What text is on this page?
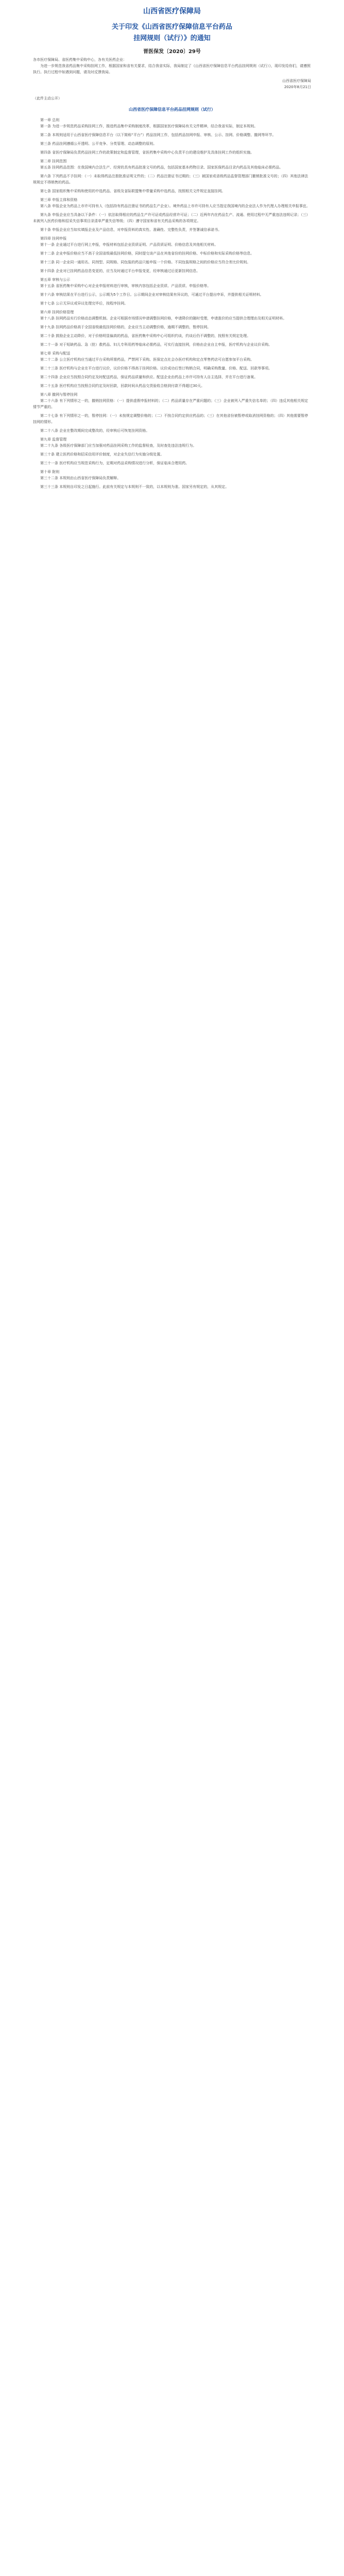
山西省医疗保障局
关于印发《山西省医疗保障信息平台药品
挂网规则（试行）》的通知
晋医保发〔2020〕29号
各市医疗保障局、省医药集中采购中心，各有关医药企业：

为进一步规范我省药品集中采购挂网工作，根据国家和省有关要求，结合我省实际，我局制定了《山西省医疗保障信息平台药品挂网规则（试行）》，现印发给你们，请遵照执行。执行过程中如遇到问题，请及时反馈我局。

山西省医疗保障局
2020年8月21日
（此件主动公开）
山西省医疗保障信息平台药品挂网规则（试行）

第一章 总则

第一条 为进一步规范药品采购挂网工作，推进药品集中采购制度改革，根据国家医疗保障局有关文件精神，结合我省实际，制定本规则。

第二条 本规则适用于山西省医疗保障信息平台（以下简称“平台”）药品挂网工作，包括药品挂网申报、审核、公示、挂网、价格调整、撤网等环节。

第三条 药品挂网遵循公开透明、公平竞争、分类管理、动态调整的原则。

第四条 省医疗保障局负责药品挂网工作的政策制定和监督管理，省医药集中采购中心负责平台的建设维护及具体挂网工作的组织实施。

第二章 挂网范围

第五条 挂网药品范围：在我国境内合法生产、经营的具有药品批准文号的药品，包括国家基本药物目录、国家医保药品目录内药品及其他临床必需药品。

第六条 下列药品不予挂网：（一）未取得药品注册批准证明文件的；（二）药品注册证书过期的；（三）被国家或省级药品监督管理部门撤销批准文号的；（四）其他法律法规规定不得销售的药品。

第七条 国家组织集中采购和使用的中选药品、省级及省际联盟集中带量采购中选药品，按照相关文件规定直接挂网。

第三章 申报主体和资格

第八条 申报企业为药品上市许可持有人（包括持有药品注册证书的药品生产企业）。境外药品上市许可持有人应当指定我国境内的企业法人作为代理人办理相关申报事宜。

第九条 申报企业应当具备以下条件：（一）依法取得相应的药品生产许可证或药品经营许可证；（二）近两年内在药品生产、流通、使用过程中无严重违法违规记录；（三）未被列入医药价格和招采失信事项目录清单严重失信等级；（四）遵守国家和省有关药品采购的各项规定。

第十条 申报企业应当如实填报企业及产品信息，对申报资料的真实性、准确性、完整性负责，并签署诚信承诺书。

第四章 挂网申报

第十一条 企业通过平台进行网上申报，申报材料包括企业资质证明、产品资质证明、价格信息及其他相关材料。

第十二条 企业申报价格应当不高于全国省级最低挂网价格，同时提交该产品在其他省份的挂网价格、中标价格和实际采购价格等信息。

第十三条 同一企业同一通用名、同剂型、同规格、同包装的药品只能申报一个价格。不同包装规格之间的价格应当符合差比价规则。

第十四条 企业对已挂网药品信息变更的，应当及时通过平台申报变更，经审核通过后更新挂网信息。

第五章 审核与公示

第十五条 省医药集中采购中心对企业申报材料进行审核，审核内容包括企业资质、产品资质、申报价格等。

第十六条 审核结果在平台进行公示，公示期为5个工作日。公示期间企业对审核结果有异议的，可通过平台提出申诉，并提供相关证明材料。

第十七条 公示无异议或异议处理完毕后，按程序挂网。

第六章 挂网价格管理

第十八条 挂网药品实行价格动态调整机制。企业可根据市场情况申请调整挂网价格，申请降价的随时受理，申请涨价的应当提供合理理由及相关证明材料。

第十九条 挂网药品价格高于全国省级最低挂网价格的，企业应当主动调整价格，逾期不调整的，暂停挂网。

第二十条 鼓励企业主动降价，对于价格明显偏高的药品，省医药集中采购中心可组织约谈，约谈后仍不调整的，按照有关规定处理。

第二十一条 对于短缺药品、急（抢）救药品、妇儿专科用药等临床必需药品，可实行直接挂网，价格由企业自主申报，医疗机构与企业议价采购。

第七章 采购与配送

第二十二条 公立医疗机构应当通过平台采购所需药品，严禁网下采购。医保定点社会办医疗机构和定点零售药店可自愿参加平台采购。

第二十三条 医疗机构与企业在平台进行议价，议价价格不得高于挂网价格。议价成功后签订购销合同，明确采购数量、价格、配送、回款等事项。

第二十四条 企业应当按照合同约定及时配送药品，保证药品质量和供应。配送企业由药品上市许可持有人自主选择，并在平台进行备案。

第二十五条 医疗机构应当按照合同约定及时回款，回款时间从药品交货验收合格到付款不得超过30天。

第八章 撤网与暂停挂网

第二十六条 有下列情形之一的，撤销挂网资格：（一）提供虚假申报材料的；（二）药品质量存在严重问题的；（三）企业被列入严重失信名单的；（四）违反其他相关规定情节严重的。

第二十七条 有下列情形之一的，暂停挂网：（一）未按规定调整价格的；（二）不按合同约定供应药品的；（三）在其他省份被暂停或取消挂网资格的；（四）其他需要暂停挂网的情形。

第二十八条 企业在整改期间完成整改的，经审核后可恢复挂网资格。

第九章 监督管理

第二十九条 各级医疗保障部门应当加强对药品挂网采购工作的监督检查，及时查处违法违规行为。

第三十条 建立医药价格和招采信用评价制度，对企业失信行为实施分级处置。

第三十一条 医疗机构应当规范采购行为，定期对药品采购情况进行分析，保证临床合理用药。

第十章 附则

第三十二条 本规则由山西省医疗保障局负责解释。

第三十三条 本规则自印发之日起施行。此前有关规定与本规则不一致的，以本规则为准。国家另有规定的，从其规定。
